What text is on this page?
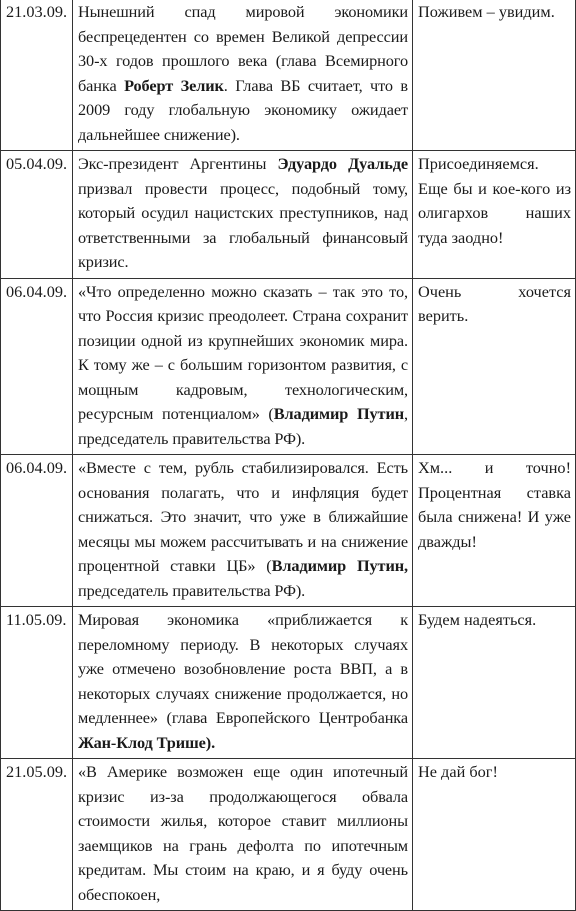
21.03.09.	Нынешний спад мировой экономики беспрецедентен со времен Великой депрессии 30-х годов прошлого века (глава Всемирного банка Роберт Зелик. Глава ВБ считает, что в 2009 году глобальную экономику ожидает дальнейшее снижение).	Поживем – увидим.
05.04.09.	Экс-президент Аргентины Эдуардо Дуальде призвал провести процесс, подобный тому, который осудил нацистских преступников, над ответственными за глобальный финансовый кризис.	Присоединяемся. Еще бы и кое-кого из олигархов наших туда заодно!
06.04.09.	«Что определенно можно сказать – так это то, что Россия кризис преодолеет. Страна сохранит позиции одной из крупнейших экономик мира. К тому же – с большим горизонтом развития, с мощным кадровым, технологическим, ресурсным потенциалом» (Владимир Путин, председатель правительства РФ).	Очень хочется верить.
06.04.09.	«Вместе с тем, рубль стабилизировался. Есть основания полагать, что и инфляция будет снижаться. Это значит, что уже в ближайшие месяцы мы можем рассчитывать и на снижение процентной ставки ЦБ» (Владимир Путин, председатель правительства РФ).	Хм... и точно! Процентная ставка была снижена! И уже дважды!
11.05.09.	Мировая экономика «приближается к переломному периоду. В некоторых случаях уже отмечено возобновление роста ВВП, а в некоторых случаях снижение продолжается, но медленнее» (глава Европейского Центробанка Жан-Клод Трише).	Будем надеяться.
21.05.09.	«В Америке возможен еще один ипотечный кризис из-за продолжающегося обвала стоимости жилья, которое ставит миллионы заемщиков на грань дефолта по ипотечным кредитам. Мы стоим на краю, и я буду очень обеспокоен,	Не дай бог!
